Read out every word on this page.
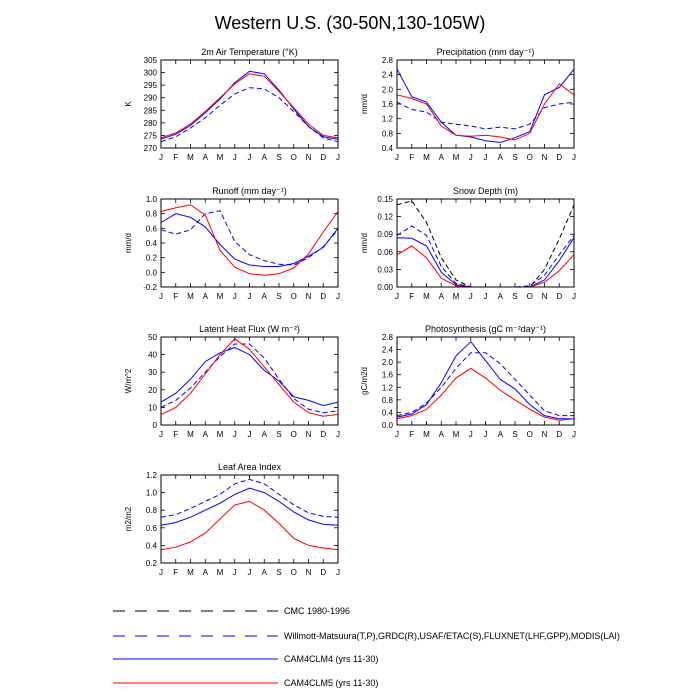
Western U.S. (30-50N,130-105W)
2m Air Temperature (°K)
K
270
275
280
285
290
295
300
305
J F M A M J J A S O N D J
Precipitation (mm day⁻¹)
mm/d
0.4
0.8
1.2
1.6
2.0
2.4
2.8
J F M A M J J A S O N D J
Runoff (mm day⁻¹)
mm/d
-0.2
0.0
0.2
0.4
0.6
0.8
1.0
J F M A M J J A S O N D J
Snow Depth (m)
mm/d
0.00
0.03
0.06
0.09
0.12
0.15
J F M A M J J A S O N D J
Latent Heat Flux (W m⁻²)
W/m^2
0
10
20
30
40
50
J F M A M J J A S O N D J
Photosynthesis (gC m⁻²day⁻¹)
gC/m2d
0.0
0.4
0.8
1.2
1.6
2.0
2.4
2.8
J F M A M J J A S O N D J
Leaf Area Index
m2/m2
0.2
0.4
0.6
0.8
1.0
1.2
J F M A M J J A S O N D J
CMC 1980-1996
Willmott-Matsuura(T,P),GRDC(R),USAF/ETAC(S),FLUXNET(LHF,GPP),MODIS(LAI)
CAM4CLM4 (yrs 11-30)
CAM4CLM5 (yrs 11-30)
